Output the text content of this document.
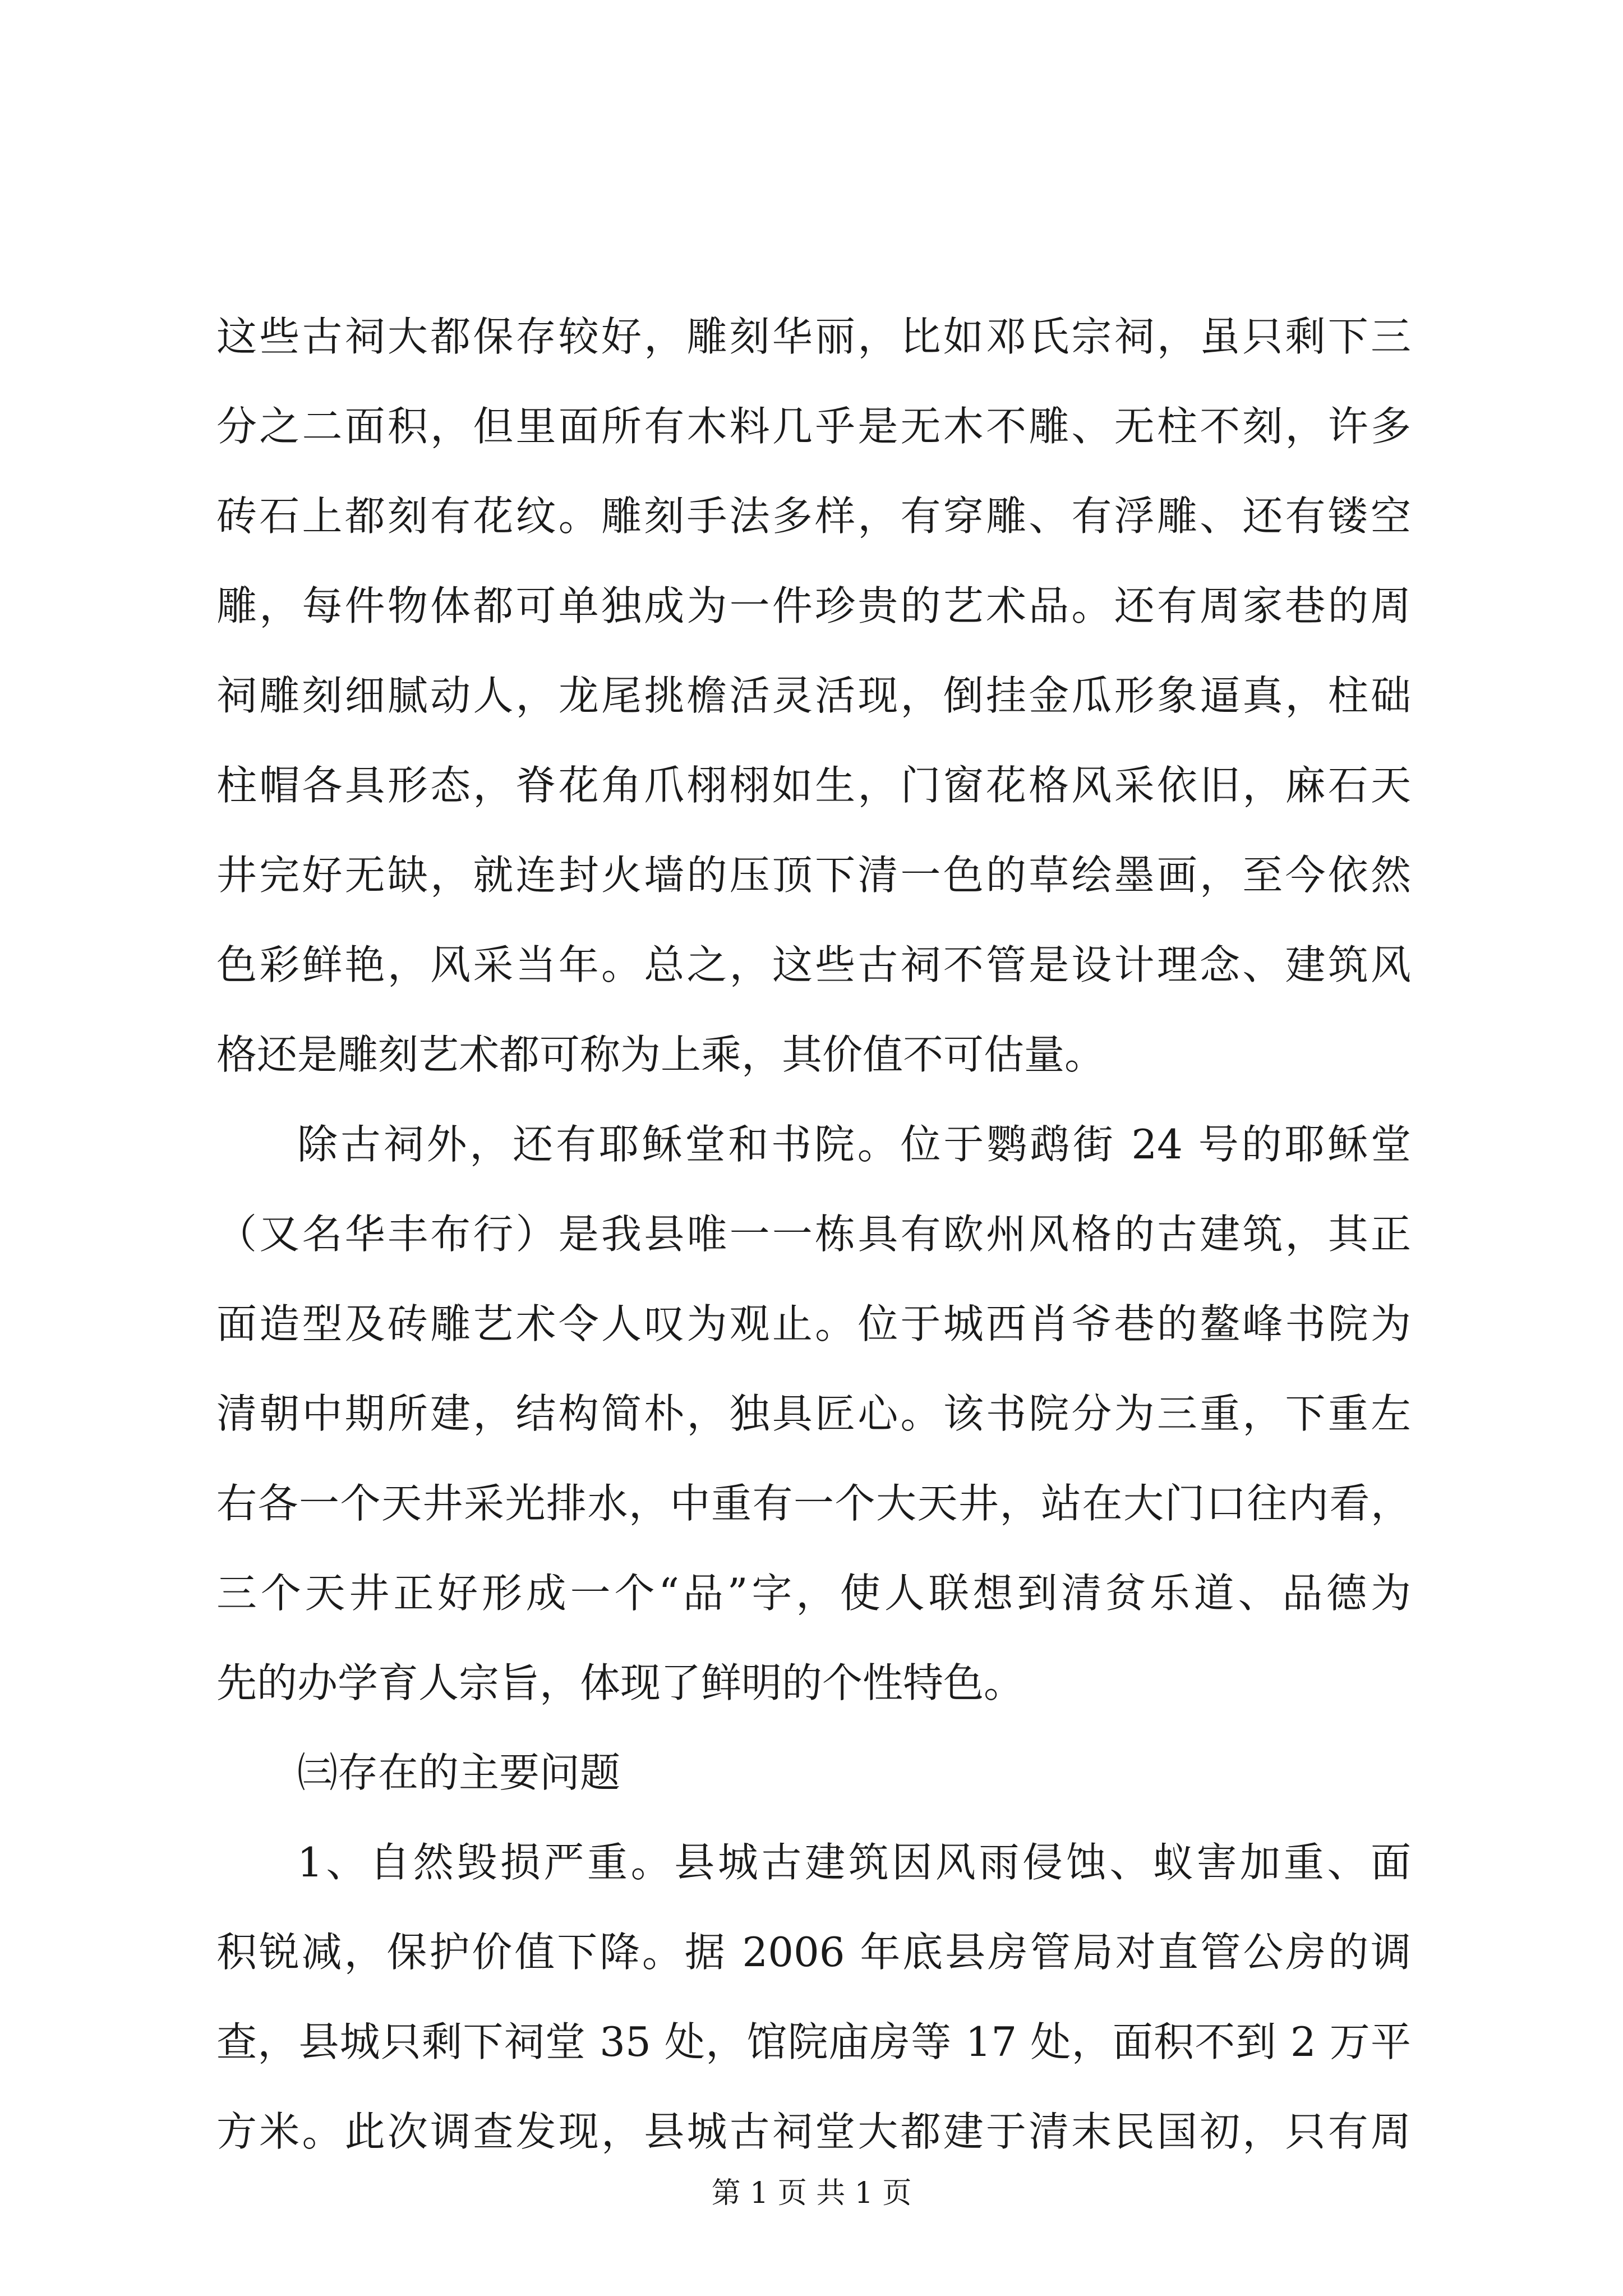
这些古祠大都保存较好，雕刻华丽，比如邓氏宗祠，虽只剩下三
分之二面积，但里面所有木料几乎是无木不雕、无柱不刻，许多
砖石上都刻有花纹。雕刻手法多样，有穿雕、有浮雕、还有镂空
雕，每件物体都可单独成为一件珍贵的艺术品。还有周家巷的周
祠雕刻细腻动人，龙尾挑檐活灵活现，倒挂金瓜形象逼真，柱础
柱帽各具形态，脊花角爪栩栩如生，门窗花格风采依旧，麻石天
井完好无缺，就连封火墙的压顶下清一色的草绘墨画，至今依然
色彩鲜艳，风采当年。总之，这些古祠不管是设计理念、建筑风
格还是雕刻艺术都可称为上乘，其价值不可估量。
除古祠外，还有耶稣堂和书院。位于鹦鹉街 24 号的耶稣堂
（又名华丰布行）是我县唯一一栋具有欧州风格的古建筑，其正
面造型及砖雕艺术令人叹为观止。位于城西肖爷巷的鳌峰书院为
清朝中期所建，结构简朴，独具匠心。该书院分为三重，下重左
右各一个天井采光排水，中重有一个大天井，站在大门口往内看，
三个天井正好形成一个“品”字，使人联想到清贫乐道、品德为
先的办学育人宗旨，体现了鲜明的个性特色。
㈢存在的主要问题
1、自然毁损严重。县城古建筑因风雨侵蚀、蚁害加重、面
积锐减，保护价值下降。据 2006 年底县房管局对直管公房的调
查，县城只剩下祠堂 35 处，馆院庙房等 17 处，面积不到 2 万平
方米。此次调查发现，县城古祠堂大都建于清末民国初，只有周
第 1 页 共 1 页
